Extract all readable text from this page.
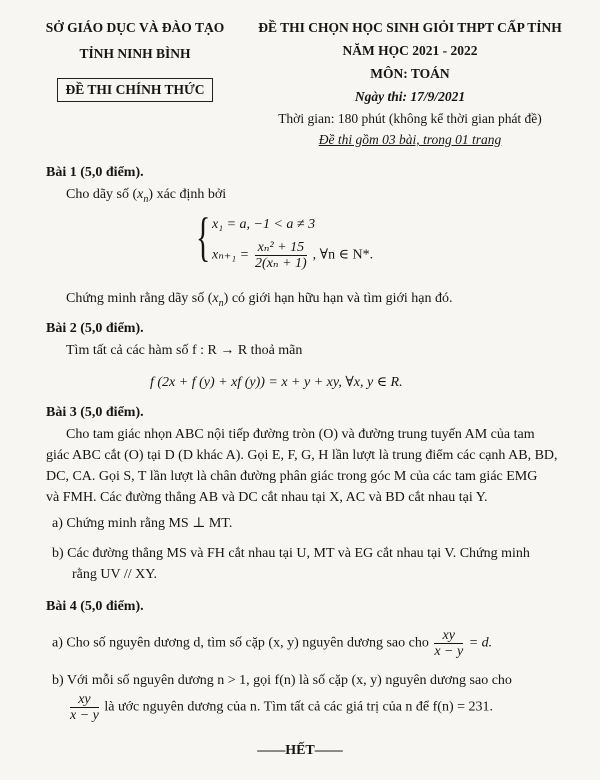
SỞ GIÁO DỤC VÀ ĐÀO TẠO
TỈNH NINH BÌNH
ĐỀ THI CHÍNH THỨC
ĐỀ THI CHỌN HỌC SINH GIỎI THPT CẤP TỈNH
NĂM HỌC 2021 - 2022
MÔN: TOÁN
Ngày thi: 17/9/2021
Thời gian: 180 phút (không kể thời gian phát đề)
Đề thi gồm 03 bài, trong 01 trang
Bài 1 (5,0 điểm).
Cho dãy số $(x_n)$ xác định bởi
{ x₁ = a, −1 < a ≠ 3
$x_{n+1} = \frac{\text{xₙ² + 15}}{\text{2(xₙ + 1)}}$ , ∀n ∈ N*.
Chứng minh rằng dãy số $(x_n)$ có giới hạn hữu hạn và tìm giới hạn đó.
Bài 2 (5,0 điểm).
Tìm tất cả các hàm số f : R → R thoả mãn
f (2x + f (y) + xf (y)) = x + y + xy, ∀x, y ∈ R.
Bài 3 (5,0 điểm).
Cho tam giác nhọn ABC nội tiếp đường tròn (O) và đường trung tuyến AM của tam
giác ABC cắt (O) tại D (D khác A). Gọi E, F, G, H lần lượt là trung điểm các cạnh AB, BD,
DC, CA. Gọi S, T lần lượt là chân đường phân giác trong góc M của các tam giác EMG
và FMH. Các đường thẳng AB và DC cắt nhau tại X, AC và BD cắt nhau tại Y.
a) Chứng minh rằng MS ⊥ MT.
b) Các đường thẳng MS và FH cắt nhau tại U, MT và EG cắt nhau tại V. Chứng minh
rằng UV // XY.
Bài 4 (5,0 điểm).
a) Cho số nguyên dương d, tìm số cặp (x, y) nguyên dương sao cho $\frac{xy}{x - y} = d$.
b) Với mỗi số nguyên dương n > 1, gọi f(n) là số cặp (x, y) nguyên dương sao cho
$\frac{xy}{x - y}$ là ước nguyên dương của n. Tìm tất cả các giá trị của n để f(n) = 231.
——HẾT——
